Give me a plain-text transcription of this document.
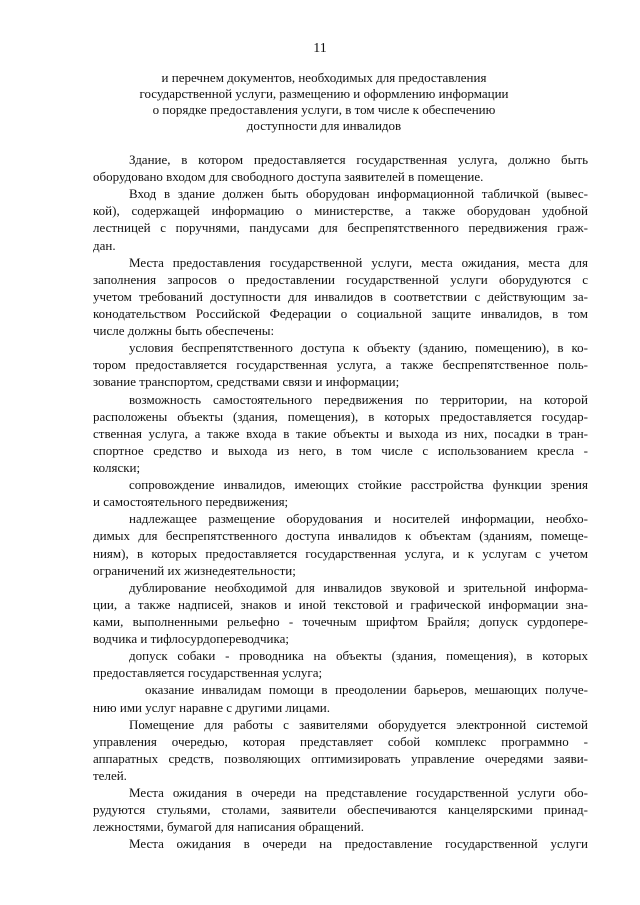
11
и перечнем документов, необходимых для предоставления
государственной услуги, размещению и оформлению информации
о порядке предоставления услуги, в том числе к обеспечению
доступности для инвалидов

Здание, в котором предоставляется государственная услуга, должно быть
оборудовано входом для свободного доступа заявителей в помещение.

Вход в здание должен быть оборудован информационной табличкой (вывес-
кой), содержащей информацию о министерстве, а также оборудован удобной
лестницей с поручнями, пандусами для беспрепятственного передвижения граж-
дан.

Места предоставления государственной услуги, места ожидания, места для
заполнения запросов о предоставлении государственной услуги оборудуются с
учетом требований доступности для инвалидов в соответствии с действующим за-
конодательством Российской Федерации о социальной защите инвалидов, в том
числе должны быть обеспечены:

условия беспрепятственного доступа к объекту (зданию, помещению), в ко-
тором предоставляется государственная услуга, а также беспрепятственное поль-
зование транспортом, средствами связи и информации;

возможность самостоятельного передвижения по территории, на которой
расположены объекты (здания, помещения), в которых предоставляется государ-
ственная услуга, а также входа в такие объекты и выхода из них, посадки в тран-
спортное средство и выхода из него, в том числе с использованием кресла -
коляски;

сопровождение инвалидов, имеющих стойкие расстройства функции зрения
и самостоятельного передвижения;

надлежащее размещение оборудования и носителей информации, необхо-
димых для беспрепятственного доступа инвалидов к объектам (зданиям, помеще-
ниям), в которых предоставляется государственная услуга, и к услугам с учетом
ограничений их жизнедеятельности;

дублирование необходимой для инвалидов звуковой и зрительной информа-
ции, а также надписей, знаков и иной текстовой и графической информации зна-
ками, выполненными рельефно - точечным шрифтом Брайля; допуск сурдопере-
водчика и тифлосурдопереводчика;

допуск собаки - проводника на объекты (здания, помещения), в которых
предоставляется государственная услуга;

оказание инвалидам помощи в преодолении барьеров, мешающих получе-
нию ими услуг наравне с другими лицами.

Помещение для работы с заявителями оборудуется электронной системой
управления очередью, которая представляет собой комплекс программно -
аппаратных средств, позволяющих оптимизировать управление очередями заяви-
телей.

Места ожидания в очереди на представление государственной услуги обо-
рудуются стульями, столами, заявители обеспечиваются канцелярскими принад-
лежностями, бумагой для написания обращений.

Места ожидания в очереди на предоставление государственной услуги
